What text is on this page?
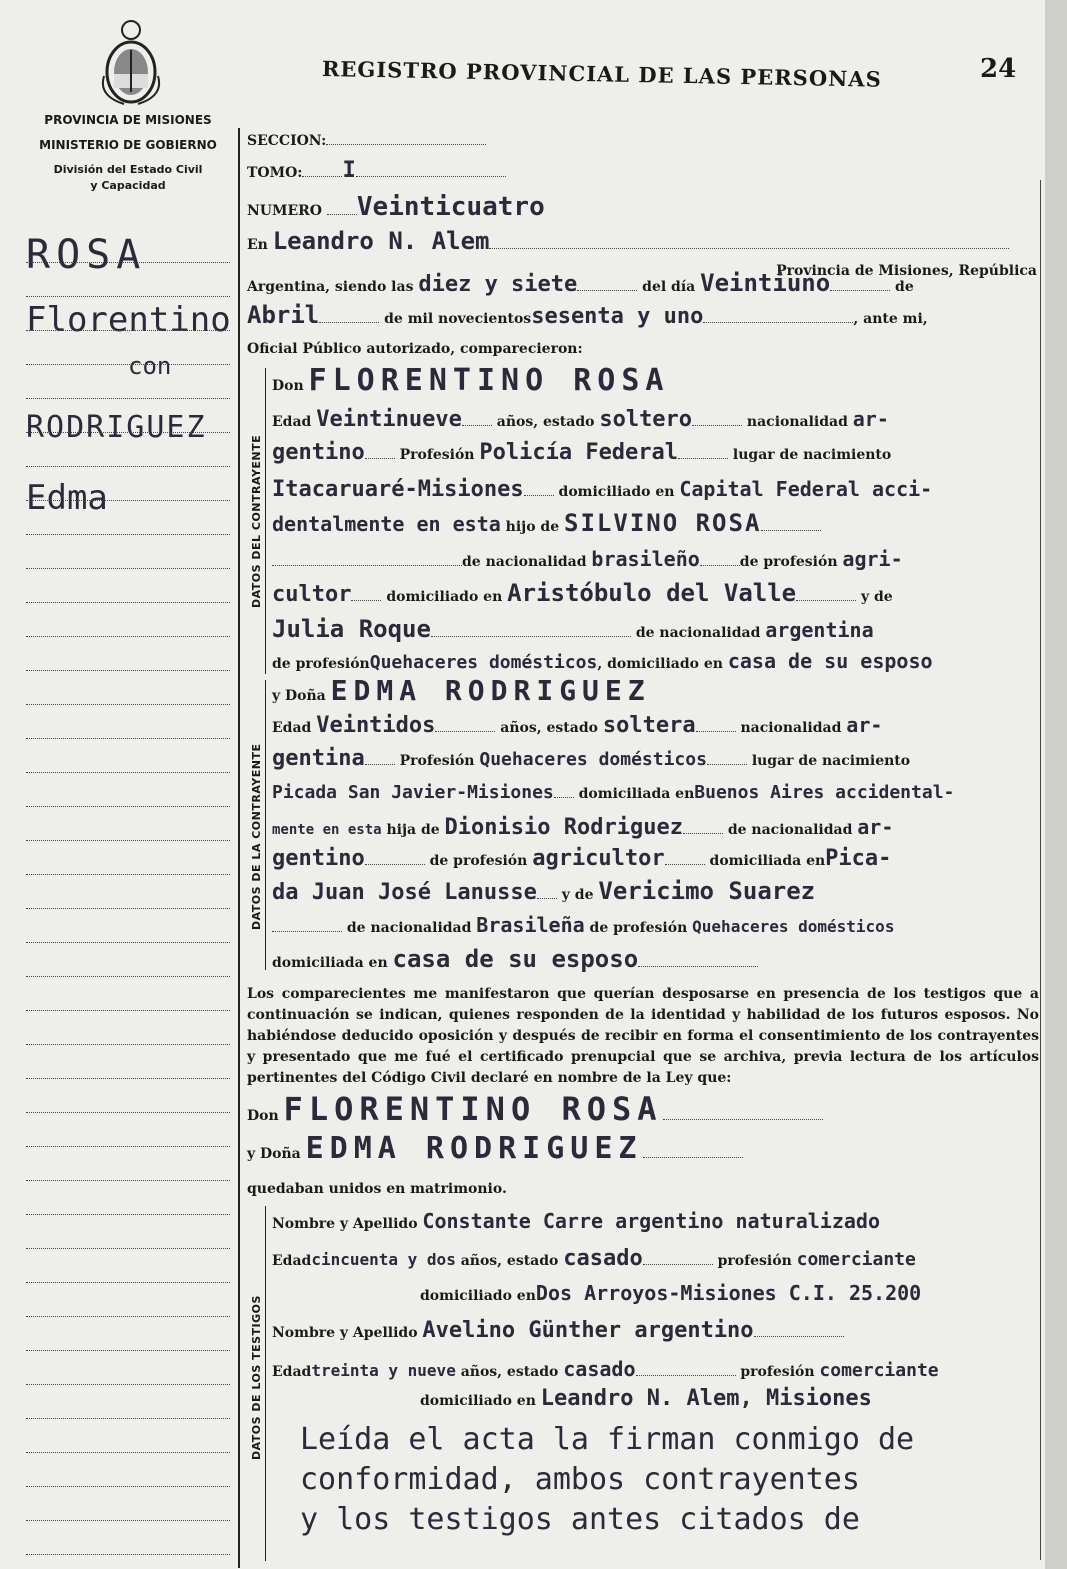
PROVINCIA DE MISIONES
MINISTERIO DE GOBIERNO
División del Estado Civil
y Capacidad
REGISTRO PROVINCIAL DE LAS PERSONAS	24
ROSA
Florentino
con
RODRIGUEZ
Edma
SECCION:
TOMO: I
NUMERO Veinticuatro
En Leandro N. Alem
Provincia de Misiones, República
Argentina, siendo las diez y siete	del día Veintiuno	de
Abril	de mil novecientossesenta y uno	, ante mi,
Oficial Público autorizado, comparecieron:
DATOS DEL CONTRAYENTE
Don FLORENTINO ROSA
Edad Veintinueve años, estado soltero	nacionalidad ar-
gentino Profesión Policía Federal	lugar de nacimiento
Itacaruaré-Misiones domiciliado en Capital Federal acci-
dentalmente en esta hijo de SILVINO ROSA
de nacionalidad brasileño	de profesión agri-
cultor domiciliado en Aristóbulo del Valle	y de
Julia Roque	de nacionalidad argentina
de profesiónQuehaceres domésticos, domiciliado en casa de su esposo
DATOS DE LA CONTRAYENTE
y Doña EDMA RODRIGUEZ
Edad Veintidos	años, estado soltera	nacionalidad ar-
gentina Profesión Quehaceres domésticos	lugar de nacimiento
Picada San Javier-Misiones domiciliada enBuenos Aires accidental-
mente en esta hija de Dionisio Rodriguez	de nacionalidad ar-
gentino	de profesión agricultor	domiciliada enPica-
da Juan José Lanusse y de Vericimo Suarez
de nacionalidad Brasileña de profesión Quehaceres domésticos
domiciliada en casa de su esposo
Los comparecientes me manifestaron que querían desposarse en presencia de los testigos que a continuación se indican, quienes responden de la identidad y habilidad de los futuros esposos. No habiéndose deducido oposición y después de recibir en forma el consentimiento de los contrayentes y presentado que me fué el certificado prenupcial que se archiva, previa lectura de los artículos pertinentes del Código Civil declaré en nombre de la Ley que:
Don FLORENTINO ROSA
y Doña EDMA RODRIGUEZ
quedaban unidos en matrimonio.
DATOS DE LOS TESTIGOS
Nombre y Apellido Constante Carre argentino naturalizado
Edadcincuenta y dos años, estado casado	profesión comerciante
domiciliado enDos Arroyos-Misiones C.I. 25.200
Nombre y Apellido Avelino Günther argentino
Edadtreinta y nueve años, estado casado	profesión comerciante
domiciliado en Leandro N. Alem, Misiones
Leída el acta la firman conmigo de
conformidad, ambos contrayentes
y los testigos antes citados de
